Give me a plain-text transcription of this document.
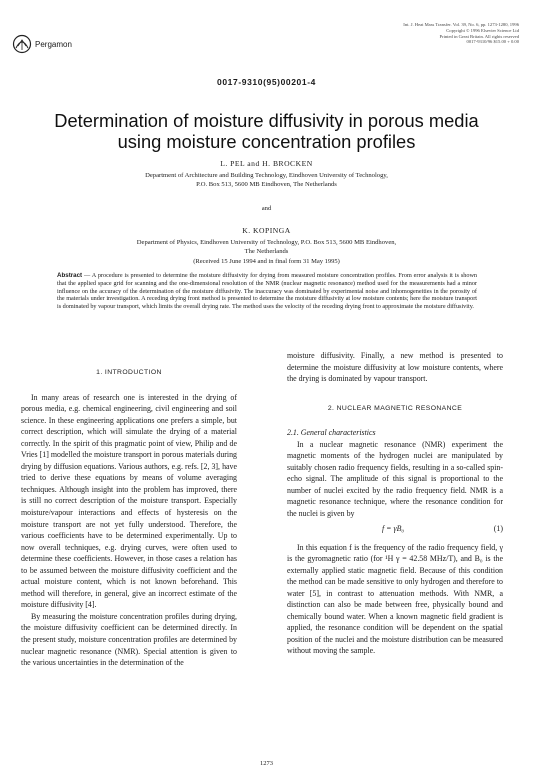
Pergamon
Int. J. Heat Mass Transfer. Vol. 39, No. 6, pp. 1273-1280, 1996
Copyright © 1996 Elsevier Science Ltd
Printed in Great Britain. All rights reserved
0017-9310/96 $15.00 + 0.00
0017-9310(95)00201-4
Determination of moisture diffusivity in porous media using moisture concentration profiles
L. PEL and H. BROCKEN
Department of Architecture and Building Technology, Eindhoven University of Technology,
P.O. Box 513, 5600 MB Eindhoven, The Netherlands
and
K. KOPINGA
Department of Physics, Eindhoven University of Technology, P.O. Box 513, 5600 MB Eindhoven,
The Netherlands
(Received 15 June 1994 and in final form 31 May 1995)
Abstract — A procedure is presented to determine the moisture diffusivity for drying from measured moisture concentration profiles. From error analysis it is shown that the applied space grid for scanning and the one-dimensional resolution of the NMR (nuclear magnetic resonance) method used for the measurements had a minor influence on the accuracy of the determination of the moisture diffusivity. The inaccuracy was dominated by experimental noise and inhomogeneities in the porosity of the materials under investigation. A receding drying front method is presented to determine the moisture diffusivity at low moisture contents; here the moisture transport is dominated by vapour transport, which limits the overall drying rate. The method uses the velocity of the receding drying front to approximate the moisture diffusivity.
1. INTRODUCTION

In many areas of research one is interested in the drying of porous media, e.g. chemical engineering, civil engineering and soil science. In these engineering applications one prefers a simple, but correct description, which will simulate the drying of a material correctly. In the spirit of this pragmatic point of view, Philip and de Vries [1] modelled the moisture transport in porous materials during drying by diffusion equations. Various authors, e.g. refs. [2, 3], have tried to derive these equations by means of volume averaging techniques. Although insight into the problem has improved, there is still no correct description of the moisture transport. Especially moisture/vapour interactions and effects of hysteresis on the moisture transport are not yet fully understood. Therefore, the various coefficients have to be determined experimentally. Up to now overall techniques, e.g. drying curves, were often used to determine these coefficients. However, in those cases a relation has to be assumed between the moisture diffusivity coefficient and the actual moisture content, which is not known beforehand. This method will therefore, in general, give an incorrect estimate of the moisture diffusivity [4].

By measuring the moisture concentration profiles during drying, the moisture diffusivity coefficient can be determined directly. In the present study, moisture concentration profiles are determined by nuclear magnetic resonance (NMR). Special attention is given to the various uncertainties in the determination of the

moisture diffusivity. Finally, a new method is presented to determine the moisture diffusivity at low moisture contents, where the drying is dominated by vapour transport.

2. NUCLEAR MAGNETIC RESONANCE
2.1. General characteristics

In a nuclear magnetic resonance (NMR) experiment the magnetic moments of the hydrogen nuclei are manipulated by suitably chosen radio frequency fields, resulting in a so-called spin-echo signal. The amplitude of this signal is proportional to the number of nuclei excited by the radio frequency field. NMR is a magnetic resonance technique, where the resonance condition for the nuclei is given by

f = γB₀	(1)

In this equation f is the frequency of the radio frequency field, γ is the gyromagnetic ratio (for ¹H γ = 42.58 MHz/T), and B₀ is the externally applied static magnetic field. Because of this condition the method can be made sensitive to only hydrogen and therefore to water [5], in contrast to attenuation methods. With NMR, a distinction can also be made between free, physically bound and chemically bound water. When a known magnetic field gradient is applied, the resonance condition will be dependent on the spatial position of the nuclei and the moisture distribution can be measured without moving the sample.

1273
